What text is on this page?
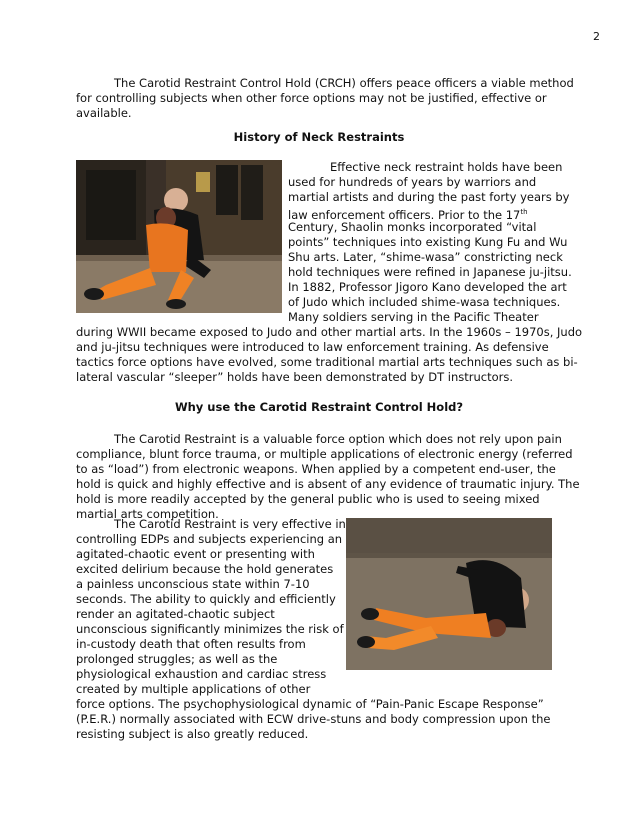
2
The Carotid Restraint Control Hold (CRCH) offers peace officers a viable method
for controlling subjects when other force options may not be justified, effective or
available.
History of Neck Restraints
Effective neck restraint holds have been
used for hundreds of years by warriors and
martial artists and during the past forty years by
law enforcement officers. Prior to the 17th
Century, Shaolin monks incorporated “vital
points” techniques into existing Kung Fu and Wu
Shu arts. Later, “shime-wasa” constricting neck
hold techniques were refined in Japanese ju-jitsu.
In 1882, Professor Jigoro Kano developed the art
of Judo which included shime-wasa techniques.
Many soldiers serving in the Pacific Theater
during WWII became exposed to Judo and other martial arts. In the 1960s – 1970s, Judo
and ju-jitsu techniques were introduced to law enforcement training. As defensive
tactics force options have evolved, some traditional martial arts techniques such as bi-
lateral vascular “sleeper” holds have been demonstrated by DT instructors.
Why use the Carotid Restraint Control Hold?
The Carotid Restraint is a valuable force option which does not rely upon pain
compliance, blunt force trauma, or multiple applications of electronic energy (referred
to as “load”) from electronic weapons. When applied by a competent end-user, the
hold is quick and highly effective and is absent of any evidence of traumatic injury. The
hold is more readily accepted by the general public who is used to seeing mixed
martial arts competition.
The Carotid Restraint is very effective in
controlling EDPs and subjects experiencing an
agitated-chaotic event or presenting with
excited delirium because the hold generates
a painless unconscious state within 7-10
seconds. The ability to quickly and efficiently
render an agitated-chaotic subject
unconscious significantly minimizes the risk of
in-custody death that often results from
prolonged struggles; as well as the
physiological exhaustion and cardiac stress
created by multiple applications of other
force options. The psychophysiological dynamic of “Pain-Panic Escape Response”
(P.E.R.) normally associated with ECW drive-stuns and body compression upon the
resisting subject is also greatly reduced.
